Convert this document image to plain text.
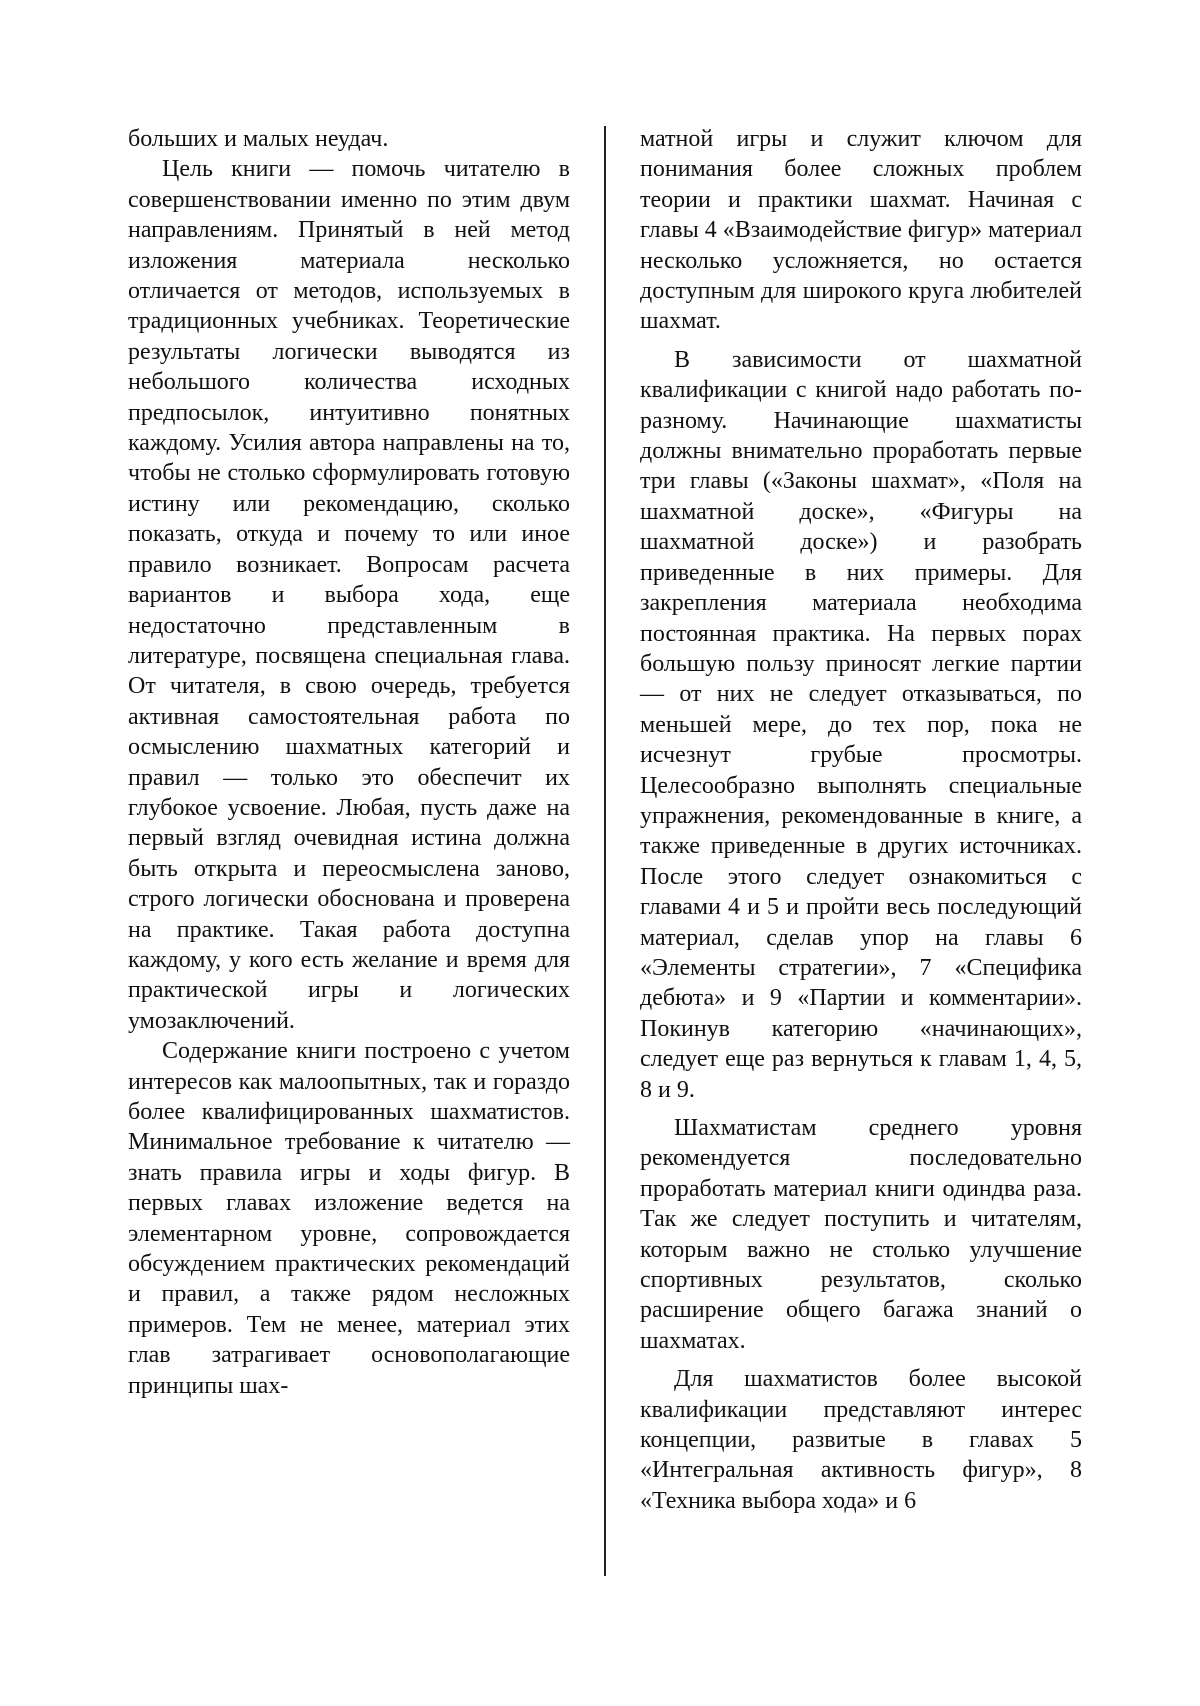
больших и малых неудач.

Цель книги — помочь читателю в совершенствовании именно по этим двум направлениям. Принятый в ней метод изложения материала несколько отличается от методов, используемых в традиционных учебниках. Теоретические результаты логически выводятся из небольшого количества исходных предпосылок, интуитивно понятных каждому. Усилия автора направлены на то, чтобы не столько сформулировать готовую истину или рекомендацию, сколько показать, откуда и почему то или иное правило возникает. Вопросам расчета вариантов и выбора хода, еще недостаточно представленным в литературе, посвящена специальная глава. От читателя, в свою очередь, требуется активная самостоятельная работа по осмыслению шахматных категорий и правил — только это обеспечит их глубокое усвоение. Любая, пусть даже на первый взгляд очевидная истина должна быть открыта и переосмыслена заново, строго логически обоснована и проверена на практике. Такая работа доступна каждому, у кого есть желание и время для практической игры и логических умозаключений.

Содержание книги построено с учетом интересов как малоопытных, так и гораздо более квалифицированных шахматистов. Минимальное требование к читателю — знать правила игры и ходы фигур. В первых главах изложение ведется на элементарном уровне, сопровождается обсуждением практических рекомендаций и правил, а также рядом несложных примеров. Тем не менее, материал этих глав затрагивает основополагающие принципы шах-

матной игры и служит ключом для понимания более сложных проблем теории и практики шахмат. Начиная с главы 4 «Взаимодействие фигур» материал несколько усложняется, но остается доступным для широкого круга любителей шахмат.

В зависимости от шахматной квалификации с книгой надо работать по-разному. Начинающие шахматисты должны внимательно проработать первые три главы («Законы шахмат», «Поля на шахматной доске», «Фигуры на шахматной доске») и разобрать приведенные в них примеры. Для закрепления материала необходима постоянная практика. На первых порах большую пользу приносят легкие партии — от них не следует отказываться, по меньшей мере, до тех пор, пока не исчезнут грубые просмотры. Целесообразно выполнять специальные упражнения, рекомендованные в книге, а также приведенные в других источниках. После этого следует ознакомиться с главами 4 и 5 и пройти весь последующий материал, сделав упор на главы 6 «Элементы стратегии», 7 «Специфика дебюта» и 9 «Партии и комментарии». Покинув категорию «начинающих», следует еще раз вернуться к главам 1, 4, 5, 8 и 9.

Шахматистам среднего уровня рекомендуется последовательно проработать материал книги одиндва раза. Так же следует поступить и читателям, которым важно не столько улучшение спортивных результатов, сколько расширение общего багажа знаний о шахматах.

Для шахматистов более высокой квалификации представляют интерес концепции, развитые в главах 5 «Интегральная активность фигур», 8 «Техника выбора хода» и 6
